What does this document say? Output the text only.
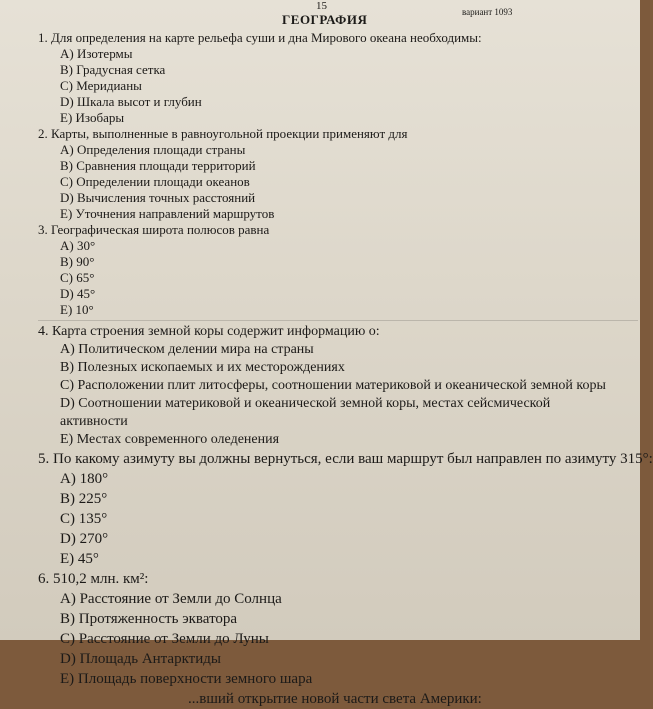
15	вариант 1093
ГЕОГРАФИЯ
1. Для определения на карте рельефа суши и дна Мирового океана необходимы:
A) Изотермы
B) Градусная сетка
C) Меридианы
D) Шкала высот и глубин
E) Изобары
2. Карты, выполненные в равноугольной проекции применяют для
A) Определения площади страны
B) Сравнения площади территорий
C) Определении площади океанов
D) Вычисления точных расстояний
E) Уточнения направлений маршрутов
3. Географическая широта полюсов равна
A) 30°
B) 90°
C) 65°
D) 45°
E) 10°
4. Карта строения земной коры содержит информацию о:
A) Политическом делении мира на страны
B) Полезных ископаемых и их месторождениях
C) Расположении плит литосферы, соотношении материковой и океанической земной коры
D) Соотношении материковой и океанической земной коры, местах сейсмической
активности
E) Местах современного оледенения
5. По какому азимуту вы должны вернуться, если ваш маршрут был направлен по азимуту 315°:
A) 180°
B) 225°
C) 135°
D) 270°
E) 45°
6. 510,2 млн. км²:
A) Расстояние от Земли до Солнца
B) Протяженность экватора
C) Расстояние от Земли до Луны
D) Площадь Антарктиды
E) Площадь поверхности земного шара
...вший открытие новой части света Америки:
